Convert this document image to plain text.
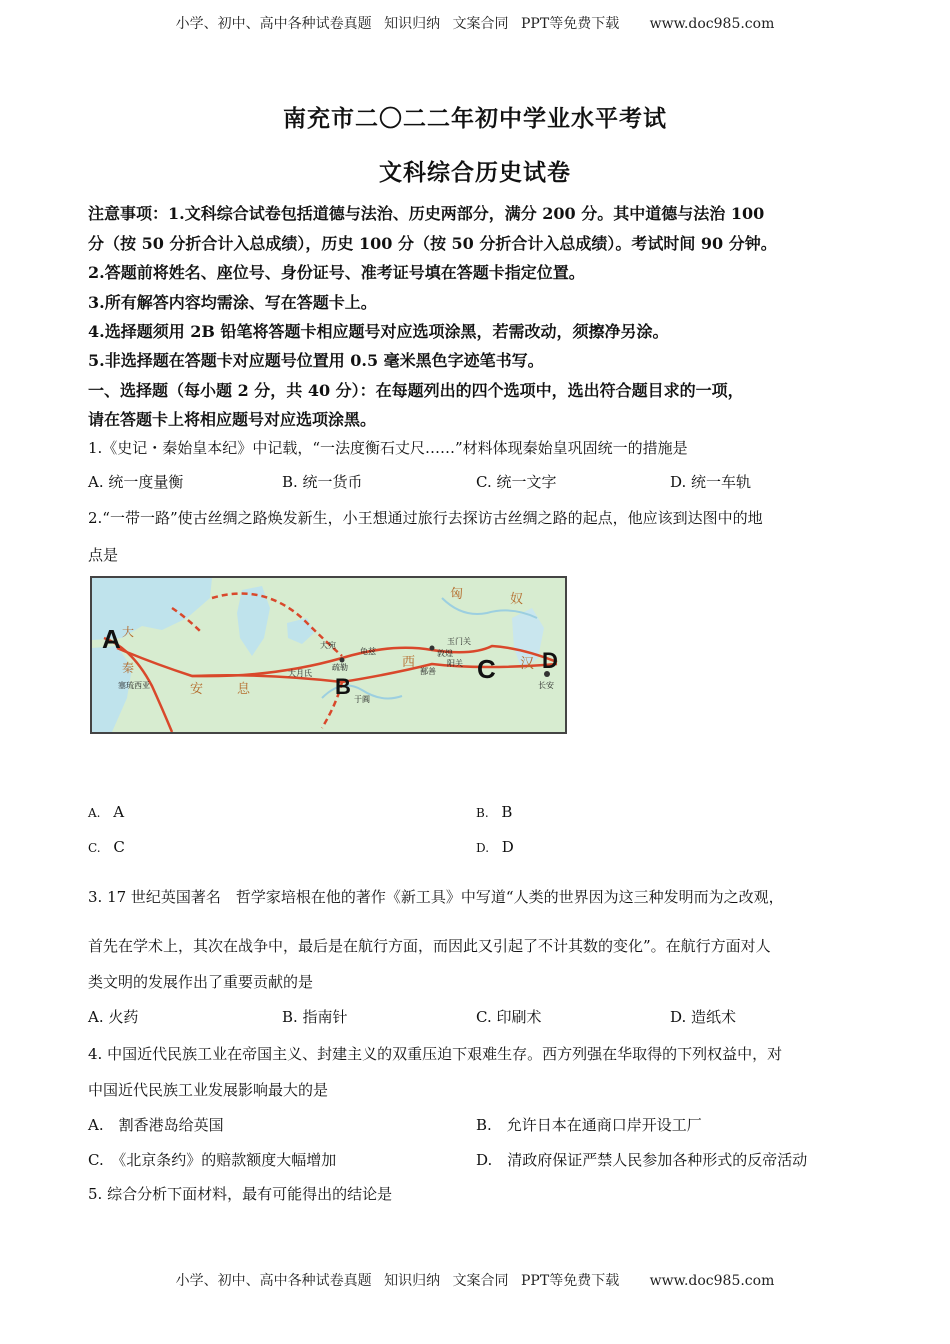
小学、初中、高中各种试卷真题 知识归纳 文案合同 PPT等免费下载 www.doc985.com
南充市二〇二二年初中学业水平考试
文科综合历史试卷
注意事项：1.文科综合试卷包括道德与法治、历史两部分，满分 200 分。其中道德与法治 100
分（按 50 分折合计入总成绩），历史 100 分（按 50 分折合计入总成绩）。考试时间 90 分钟。
2.答题前将姓名、座位号、身份证号、准考证号填在答题卡指定位置。
3.所有解答内容均需涂、写在答题卡上。
4.选择题须用 2B 铅笔将答题卡相应题号对应选项涂黑，若需改动，须擦净另涂。
5.非选择题在答题卡对应题号位置用 0.5 毫米黑色字迹笔书写。
一、选择题（每小题 2 分，共 40 分）：在每题列出的四个选项中，选出符合题目求的一项，
请在答题卡上将相应题号对应选项涂黑。
1.《史记・秦始皇本纪》中记载，“一法度衡石丈尺……”材料体现秦始皇巩固统一的措施是
A. 统一度量衡	B. 统一货币	C. 统一文字	D. 统一车轨
2.“一带一路”使古丝绸之路焕发新生，小王想通过旅行去探访古丝绸之路的起点，他应该到达图中的地
点是
A
B
C D
大
秦
安	息
匈	奴
汉
西
塞琉西亚
大宛
大月氏
疏勒
于阗
鄯善
玉门关
敦煌
阳关
长安
龟兹
A. A	B. B
C. C	D. D
3. 17 世纪英国著名　哲学家培根在他的著作《新工具》中写道“人类的世界因为这三种发明而为之改观，
首先在学术上，其次在战争中，最后是在航行方面，而因此又引起了不计其数的变化”。在航行方面对人
类文明的发展作出了重要贡献的是
A. 火药	B. 指南针	C. 印刷术	D. 造纸术
4. 中国近代民族工业在帝国主义、封建主义的双重压迫下艰难生存。西方列强在华取得的下列权益中，对
中国近代民族工业发展影响最大的是
A.　割香港岛给英国	B.　允许日本在通商口岸开设工厂
C.　《北京条约》的赔款额度大幅增加	D.　清政府保证严禁人民参加各种形式的反帝活动
5. 综合分析下面材料，最有可能得出的结论是
小学、初中、高中各种试卷真题 知识归纳 文案合同 PPT等免费下载 www.doc985.com
